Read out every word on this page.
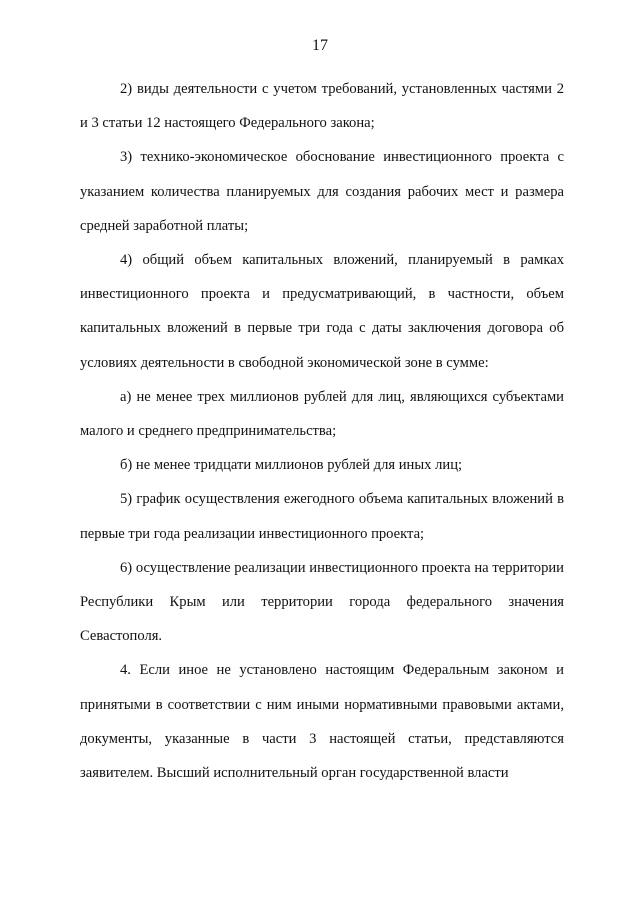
17

2) виды деятельности с учетом требований, установленных частями 2 и 3 статьи 12 настоящего Федерального закона;

3) технико-экономическое обоснование инвестиционного проекта с указанием количества планируемых для создания рабочих мест и размера средней заработной платы;

4) общий объем капитальных вложений, планируемый в рамках инвестиционного проекта и предусматривающий, в частности, объем капитальных вложений в первые три года с даты заключения договора об условиях деятельности в свободной экономической зоне в сумме:

а) не менее трех миллионов рублей для лиц, являющихся субъектами малого и среднего предпринимательства;

б) не менее тридцати миллионов рублей для иных лиц;

5) график осуществления ежегодного объема капитальных вложений в первые три года реализации инвестиционного проекта;

6) осуществление реализации инвестиционного проекта на территории Республики Крым или территории города федерального значения Севастополя.

4. Если иное не установлено настоящим Федеральным законом и принятыми в соответствии с ним иными нормативными правовыми актами, документы, указанные в части 3 настоящей статьи, представляются заявителем. Высший исполнительный орган государственной власти
